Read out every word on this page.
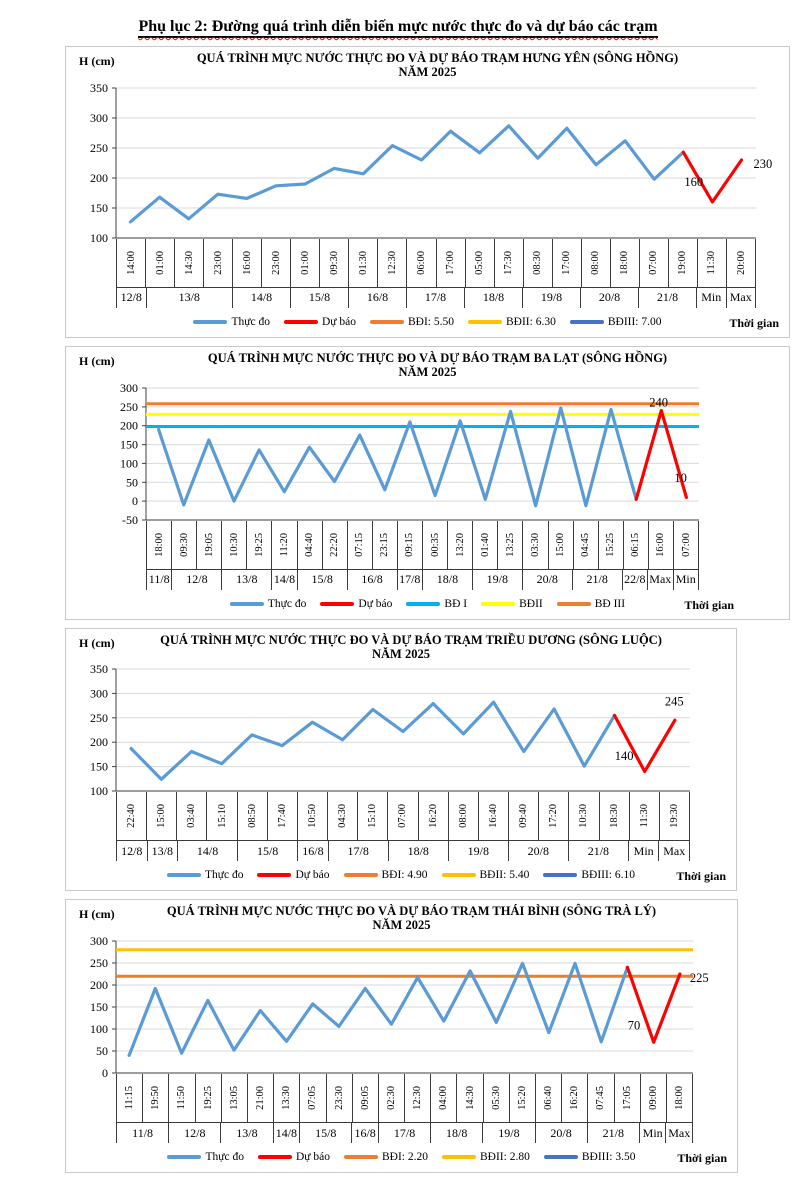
Phụ lục 2: Đường quá trình diễn biến mực nước thực đo và dự báo các trạm
H (cm)	QUÁ TRÌNH MỰC NƯỚC THỰC ĐO VÀ DỰ BÁO TRẠM HƯNG YÊN (SÔNG HỒNG)
NĂM 2025
100
150
200
250
300
350
160
230
14:00 01:00 14:30 23:00 16:00 23:00 01:00 09:30 01:30 12:30 06:00 17:00 05:00 17:30 08:30 17:00 08:00 18:00 07:00 19:00 11:30 20:00
12/8	13/8	14/8	15/8	16/8	17/8	18/8	19/8	20/8	21/8	Min Max
Thực đo	Dự báo	BĐI: 5.50	BĐII: 6.30	BĐIII: 7.00	Thời gian
H (cm)	QUÁ TRÌNH MỰC NƯỚC THỰC ĐO VÀ DỰ BÁO TRẠM BA LẠT (SÔNG HỒNG)
NĂM 2025
-50
0
50
100
150
200
250
300
240
10
18:00 09:30 19:05 10:30 19:25 11:20 04:40 22:20 07:15 23:15 09:15 00:35 13:20 01:40 13:25 03:30 15:00 04:45 15:25 06:15 16:00 07:00
11/8	12/8	13/8	14/8	15/8	16/8	17/8	18/8	19/8	20/8	21/8	22/8 Max Min
Thực đo	Dự báo	BĐ I	BĐII	BĐ III	Thời gian
H (cm)	QUÁ TRÌNH MỰC NƯỚC THỰC ĐO VÀ DỰ BÁO TRẠM TRIỀU DƯƠNG (SÔNG LUỘC)
NĂM 2025
100
150
200
250
300
350
140
245
22:40 15:00 03:40 15:10 08:50 17:40 10:50 04:30 15:10 07:00 16:20 08:00 16:40 09:40 17:20 10:30 18:30 11:30 19:30
12/8 13/8	14/8	15/8	16/8	17/8	18/8	19/8	20/8	21/8	Min Max
Thực đo	Dự báo	BĐI: 4.90	BĐII: 5.40	BĐIII: 6.10	Thời gian
H (cm)	QUÁ TRÌNH MỰC NƯỚC THỰC ĐO VÀ DỰ BÁO TRẠM THÁI BÌNH (SÔNG TRÀ LÝ)
NĂM 2025
0
50
100
150
200
250
300
70
225
11:15 19:50 11:50 19:25 13:05 21:00 13:30 07:05 23:30 09:05 02:30 12:30 04:00 14:30 05:30 15:20 06:40 16:20 07:45 17:05 09:00 18:00
11/8	12/8	13/8	14/8	15/8	16/8	17/8	18/8	19/8	20/8	21/8	Min Max
Thực đo	Dự báo	BĐI: 2.20	BĐII: 2.80	BĐIII: 3.50	Thời gian
